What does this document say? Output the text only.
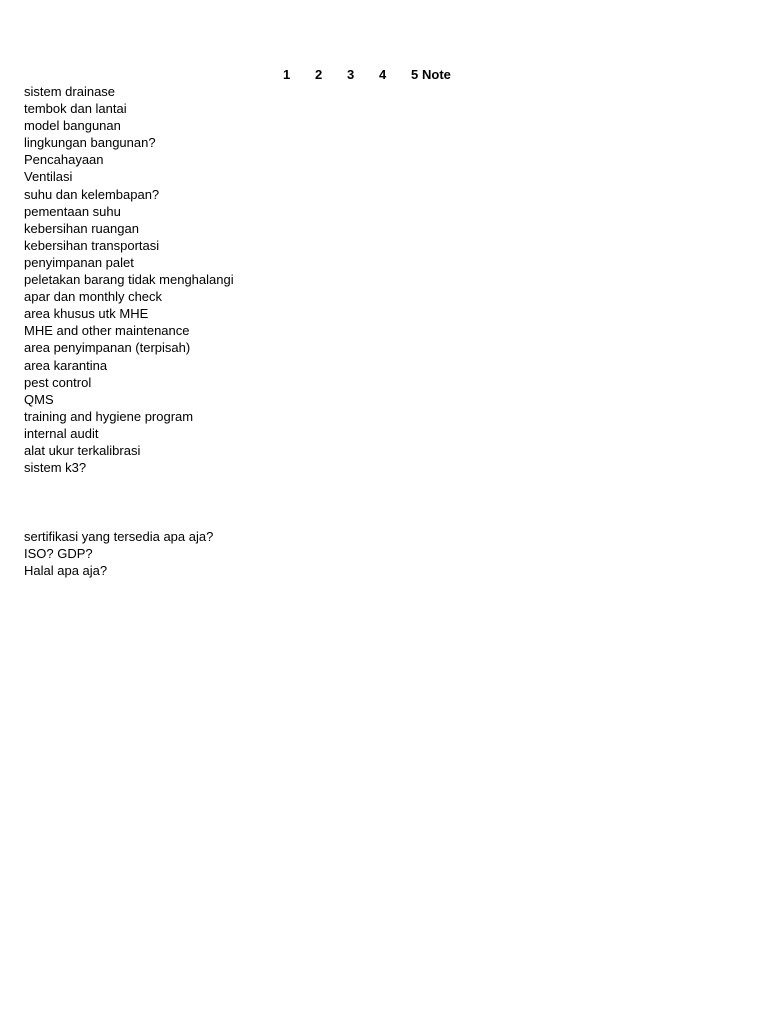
1 2 3 4 5 Note
sistem drainase
tembok dan lantai
model bangunan
lingkungan bangunan?
Pencahayaan
Ventilasi
suhu dan kelembapan?
pementaan suhu
kebersihan ruangan
kebersihan transportasi
penyimpanan palet
peletakan barang tidak menghalangi
apar dan monthly check
area khusus utk MHE
MHE and other maintenance
area penyimpanan (terpisah)
area karantina
pest control
QMS
training and hygiene program
internal audit
alat ukur terkalibrasi
sistem k3?
sertifikasi yang tersedia apa aja?
ISO? GDP?
Halal apa aja?
